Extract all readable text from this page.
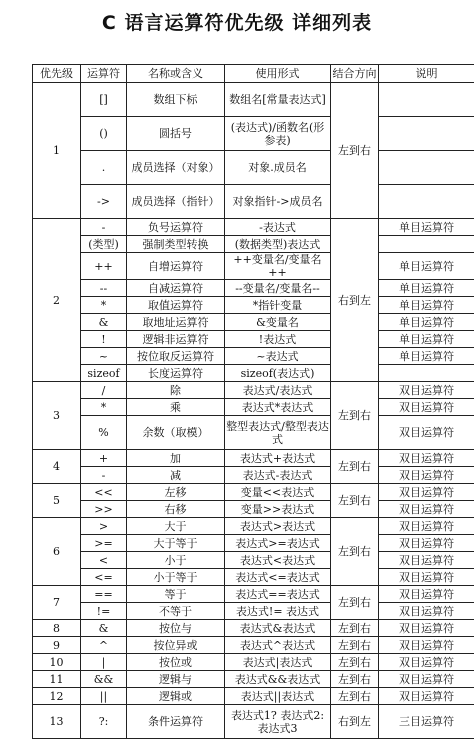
C 语言运算符优先级 详细列表
优先级	运算符	名称或含义	使用形式	结合方向	说明
1	[]	数组下标	数组名[常量表达式]	左到右	
	()	圆括号	(表达式)/函数名(形参表)		
	.	成员选择（对象）	对象.成员名		
	->	成员选择（指针）	对象指针->成员名		
2	-	负号运算符	-表达式	右到左	单目运算符
	(类型)	强制类型转换	(数据类型)表达式		
	++	自增运算符	++变量名/变量名++		单目运算符
	--	自减运算符	--变量名/变量名--		单目运算符
	*	取值运算符	*指针变量		单目运算符
	&	取地址运算符	&变量名		单目运算符
	!	逻辑非运算符	!表达式		单目运算符
	~	按位取反运算符	~表达式		单目运算符
	sizeof	长度运算符	sizeof(表达式)		
3	/	除	表达式/表达式	左到右	双目运算符
	*	乘	表达式*表达式		双目运算符
	%	余数（取模）	整型表达式/整型表达式		双目运算符
4	+	加	表达式+表达式	左到右	双目运算符
	-	减	表达式-表达式		双目运算符
5	<<	左移	变量<<表达式	左到右	双目运算符
	>>	右移	变量>>表达式		双目运算符
6	>	大于	表达式>表达式	左到右	双目运算符
	>=	大于等于	表达式>=表达式		双目运算符
	<	小于	表达式<表达式		双目运算符
	<=	小于等于	表达式<=表达式		双目运算符
7	==	等于	表达式==表达式	左到右	双目运算符
	!=	不等于	表达式!= 表达式		双目运算符
8	&	按位与	表达式&表达式	左到右	双目运算符
9	^	按位异或	表达式^表达式	左到右	双目运算符
10	|	按位或	表达式|表达式	左到右	双目运算符
11	&&	逻辑与	表达式&&表达式	左到右	双目运算符
12	||	逻辑或	表达式||表达式	左到右	双目运算符
13	?:	条件运算符	表达式1? 表达式2: 表达式3	右到左	三目运算符
